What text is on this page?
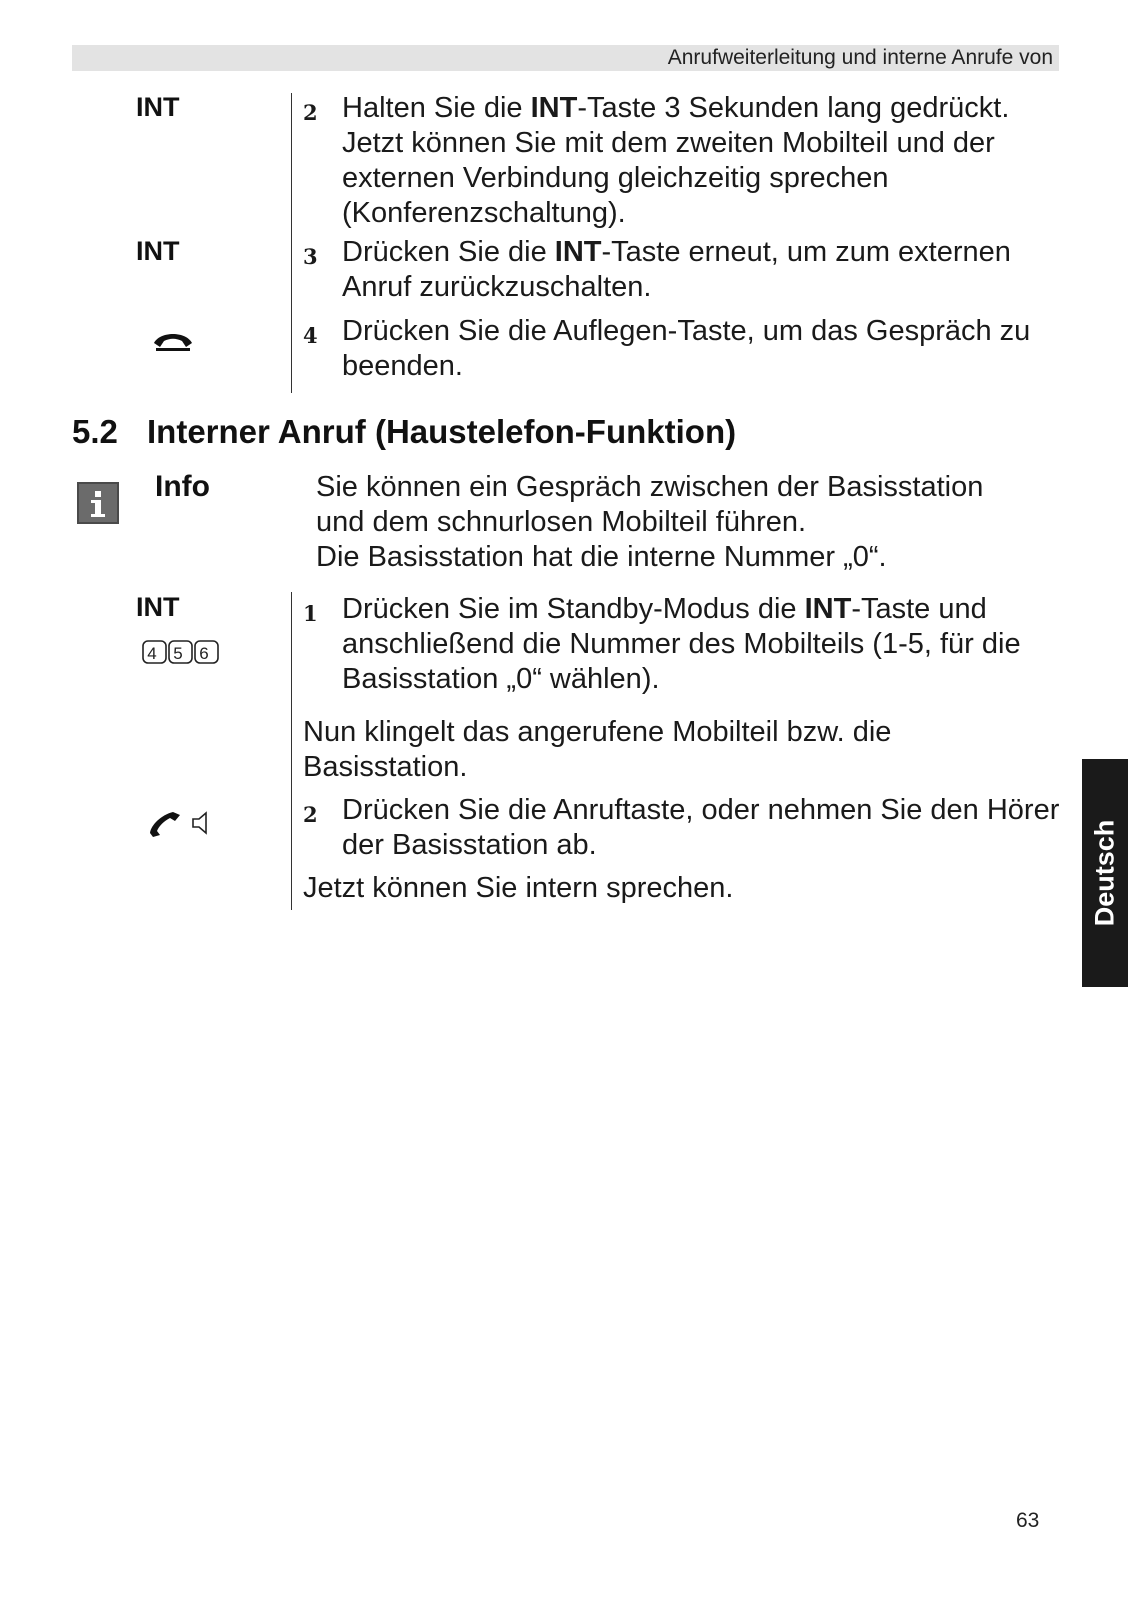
Anrufweiterleitung und interne Anrufe von
INT
INT
2 Halten Sie die INT-Taste 3 Sekunden lang gedrückt. Jetzt können Sie mit dem zweiten Mobilteil und der externen Verbindung gleichzeitig sprechen (Konferenzschaltung).
3 Drücken Sie die INT-Taste erneut, um zum externen Anruf zurückzuschalten.
4 Drücken Sie die Auflegen-Taste, um das Gespräch zu beenden.
5.2 Interner Anruf (Haustelefon-Funktion)
Info	Sie können ein Gespräch zwischen der Basisstation
und dem schnurlosen Mobilteil führen.
Die Basisstation hat die interne Nummer „0“.
INT
4 5 6
1 Drücken Sie im Standby-Modus die INT-Taste und anschließend die Nummer des Mobilteils (1-5, für die Basisstation „0“ wählen).
Nun klingelt das angerufene Mobilteil bzw. die Basisstation.
2 Drücken Sie die Anruftaste, oder nehmen Sie den Hörer der Basisstation ab.
Jetzt können Sie intern sprechen.	Deutsch
63
